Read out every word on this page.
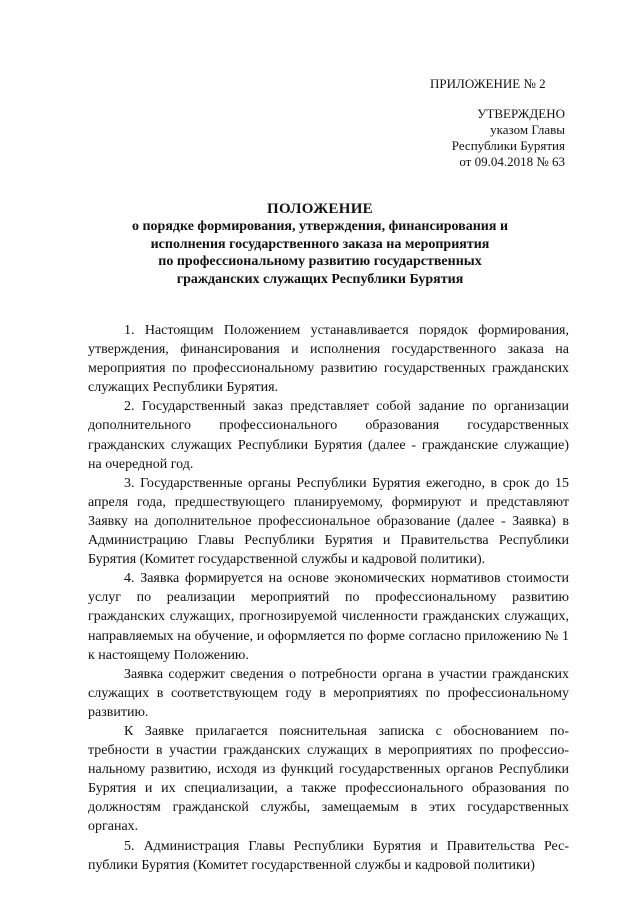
ПРИЛОЖЕНИЕ № 2
УТВЕРЖДЕНО
указом Главы
Республики Бурятия
от 09.04.2018 № 63
ПОЛОЖЕНИЕ
о порядке формирования, утверждения, финансирования и
исполнения государственного заказа на мероприятия
по профессиональному развитию государственных
гражданских служащих Республики Бурятия

1. Настоящим Положением устанавливается порядок формирования, утверждения, финансирования и исполнения государственного заказа на мероприятия по профессиональному развитию государственных гражданских служащих Республики Бурятия.

2. Государственный заказ представляет собой задание по организации дополнительного профессионального образования государственных гражданских служащих Республики Бурятия (далее - гражданские служащие) на очередной год.

3. Государственные органы Республики Бурятия ежегодно, в срок до 15 апреля года, предшествующего планируемому, формируют и представляют Заявку на дополнительное профессиональное образование (далее - Заявка) в Администрацию Главы Республики Бурятия и Правительства Республики Бурятия (Комитет государственной службы и кадровой политики).

4. Заявка формируется на основе экономических нормативов стоимости услуг по реализации мероприятий по профессиональному развитию гражданских служащих, прогнозируемой численности гражданских служащих, направляемых на обучение, и оформляется по форме согласно приложению № 1 к настоящему Положению.

Заявка содержит сведения о потребности органа в участии гражданских служащих в соответствующем году в мероприятиях по профессиональному развитию.

К Заявке прилагается пояснительная записка с обоснованием потребности в участии гражданских служащих в мероприятиях по профессиональному развитию, исходя из функций государственных органов Республики Бурятия и их специализации, а также профессионального образования по должностям гражданской службы, замещаемым в этих государственных органах.

5. Администрация Главы Республики Бурятия и Правительства Республики Бурятия (Комитет государственной службы и кадровой политики)
